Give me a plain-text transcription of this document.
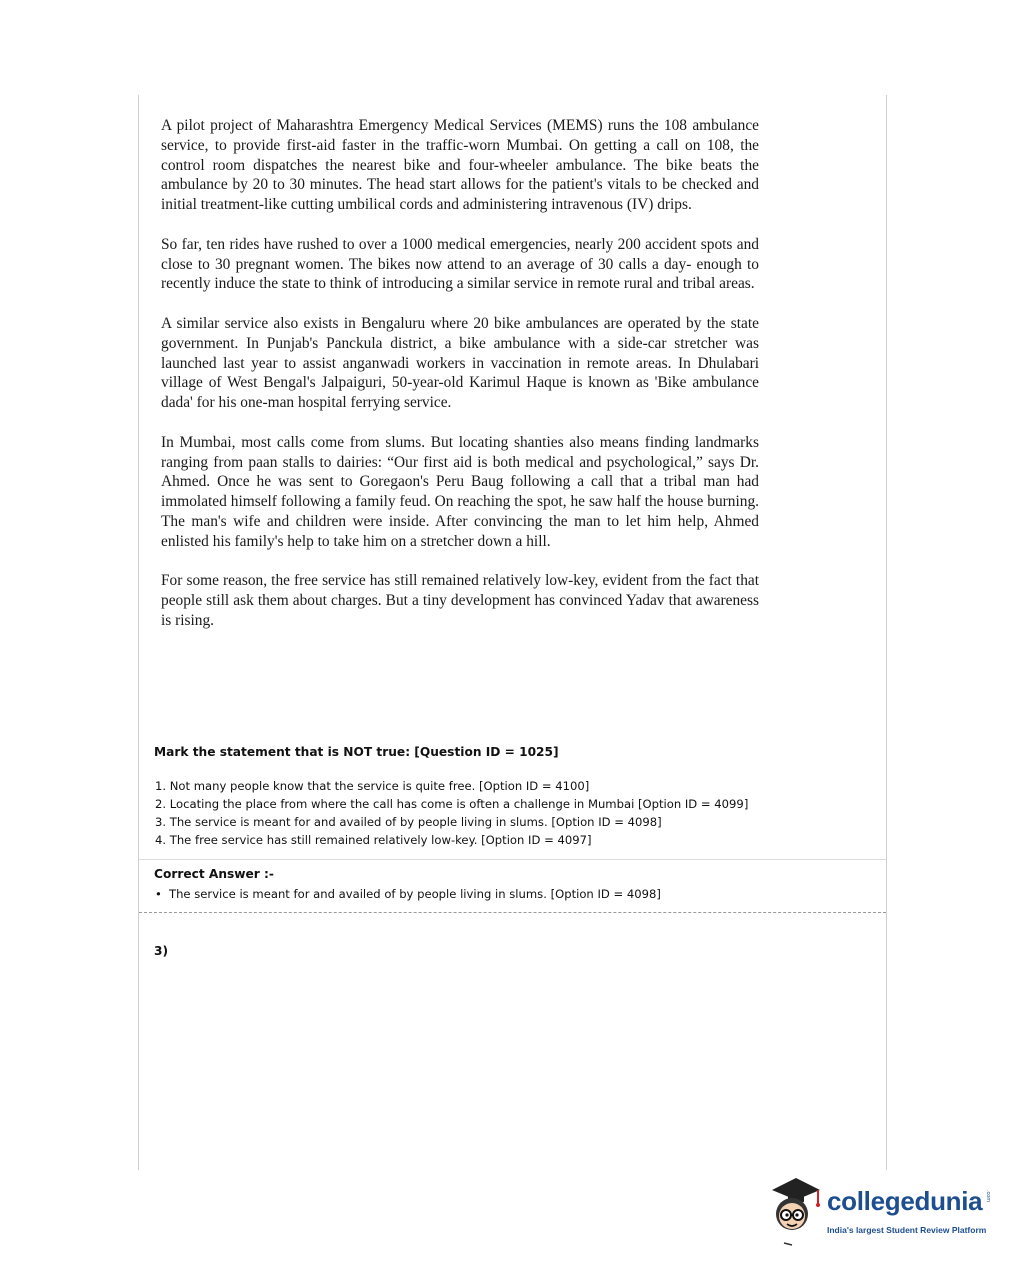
A pilot project of Maharashtra Emergency Medical Services (MEMS) runs the 108 ambulance service, to provide first-aid faster in the traffic-worn Mumbai. On getting a call on 108, the control room dispatches the nearest bike and four-wheeler ambulance. The bike beats the ambulance by 20 to 30 minutes. The head start allows for the patient's vitals to be checked and initial treatment-like cutting umbilical cords and administering intravenous (IV) drips.

So far, ten rides have rushed to over a 1000 medical emergencies, nearly 200 accident spots and close to 30 pregnant women. The bikes now attend to an average of 30 calls a day- enough to recently induce the state to think of introducing a similar service in remote rural and tribal areas.

A similar service also exists in Bengaluru where 20 bike ambulances are operated by the state government. In Punjab's Panckula district, a bike ambulance with a side-car stretcher was launched last year to assist anganwadi workers in vaccination in remote areas. In Dhulabari village of West Bengal's Jalpaiguri, 50-year-old Karimul Haque is known as 'Bike ambulance dada' for his one-man hospital ferrying service.

In Mumbai, most calls come from slums. But locating shanties also means finding landmarks ranging from paan stalls to dairies: “Our first aid is both medical and psychological,” says Dr. Ahmed. Once he was sent to Goregaon's Peru Baug following a call that a tribal man had immolated himself following a family feud. On reaching the spot, he saw half the house burning. The man's wife and children were inside. After convincing the man to let him help, Ahmed enlisted his family's help to take him on a stretcher down a hill.

For some reason, the free service has still remained relatively low-key, evident from the fact that people still ask them about charges. But a tiny development has convinced Yadav that awareness is rising.

Mark the statement that is NOT true: [Question ID = 1025]
1. Not many people know that the service is quite free. [Option ID = 4100]
2. Locating the place from where the call has come is often a challenge in Mumbai [Option ID = 4099]
3. The service is meant for and availed of by people living in slums. [Option ID = 4098]
4. The free service has still remained relatively low-key. [Option ID = 4097]
Correct Answer :-
• The service is meant for and availed of by people living in slums. [Option ID = 4098]
3)
collegedunia .com
India's largest Student Review Platform
